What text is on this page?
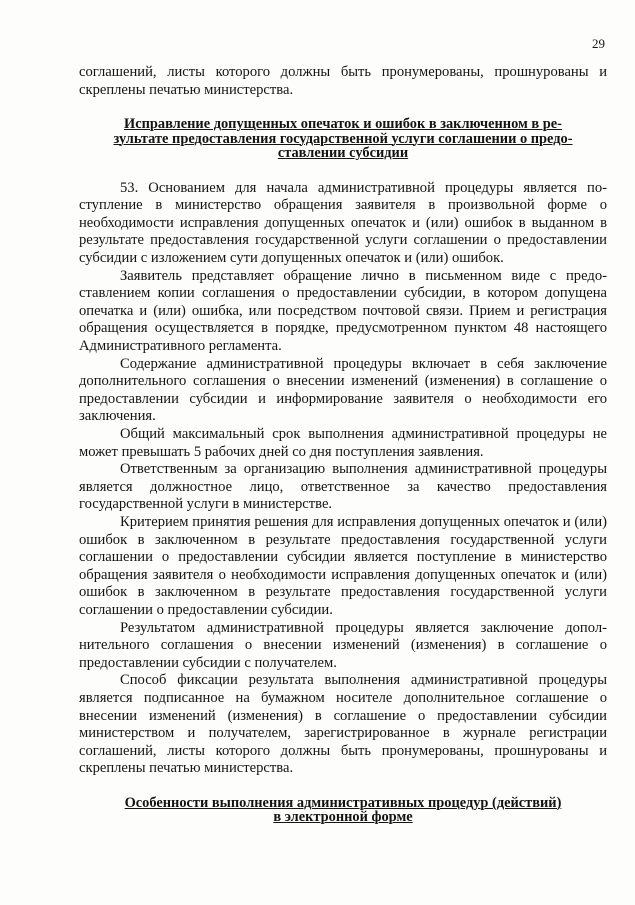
29

соглашений, листы которого должны быть пронумерованы, прошнурованы и скреплены печатью министерства.

Исправление допущенных опечаток и ошибок в заключенном в ре-
зультате предоставления государственной услуги соглашении о предо-
ставлении субсидии

53. Основанием для начала административной процедуры является поступление в министерство обращения заявителя в произвольной форме о необходимости исправления допущенных опечаток и (или) ошибок в выданном в результате предоставления государственной услуги соглашении о предоставлении субсидии с изложением сути допущенных опечаток и (или) ошибок.

Заявитель представляет обращение лично в письменном виде с предоставлением копии соглашения о предоставлении субсидии, в котором допущена опечатка и (или) ошибка, или посредством почтовой связи. Прием и регистрация обращения осуществляется в порядке, предусмотренном пунктом 48 настоящего Административного регламента.

Содержание административной процедуры включает в себя заключение дополнительного соглашения о внесении изменений (изменения) в соглашение о предоставлении субсидии и информирование заявителя о необходимости его заключения.

Общий максимальный срок выполнения административной процедуры не может превышать 5 рабочих дней со дня поступления заявления.

Ответственным за организацию выполнения административной процедуры является должностное лицо, ответственное за качество предоставления государственной услуги в министерстве.

Критерием принятия решения для исправления допущенных опечаток и (или) ошибок в заключенном в результате предоставления государственной услуги соглашении о предоставлении субсидии является поступление в министерство обращения заявителя о необходимости исправления допущенных опечаток и (или) ошибок в заключенном в результате предоставления государственной услуги соглашении о предоставлении субсидии.

Результатом административной процедуры является заключение дополнительного соглашения о внесении изменений (изменения) в соглашение о предоставлении субсидии с получателем.

Способ фиксации результата выполнения административной процедуры является подписанное на бумажном носителе дополнительное соглашение о внесении изменений (изменения) в соглашение о предоставлении субсидии министерством и получателем, зарегистрированное в журнале регистрации соглашений, листы которого должны быть пронумерованы, прошнурованы и скреплены печатью министерства.

Особенности выполнения административных процедур (действий)
в электронной форме
